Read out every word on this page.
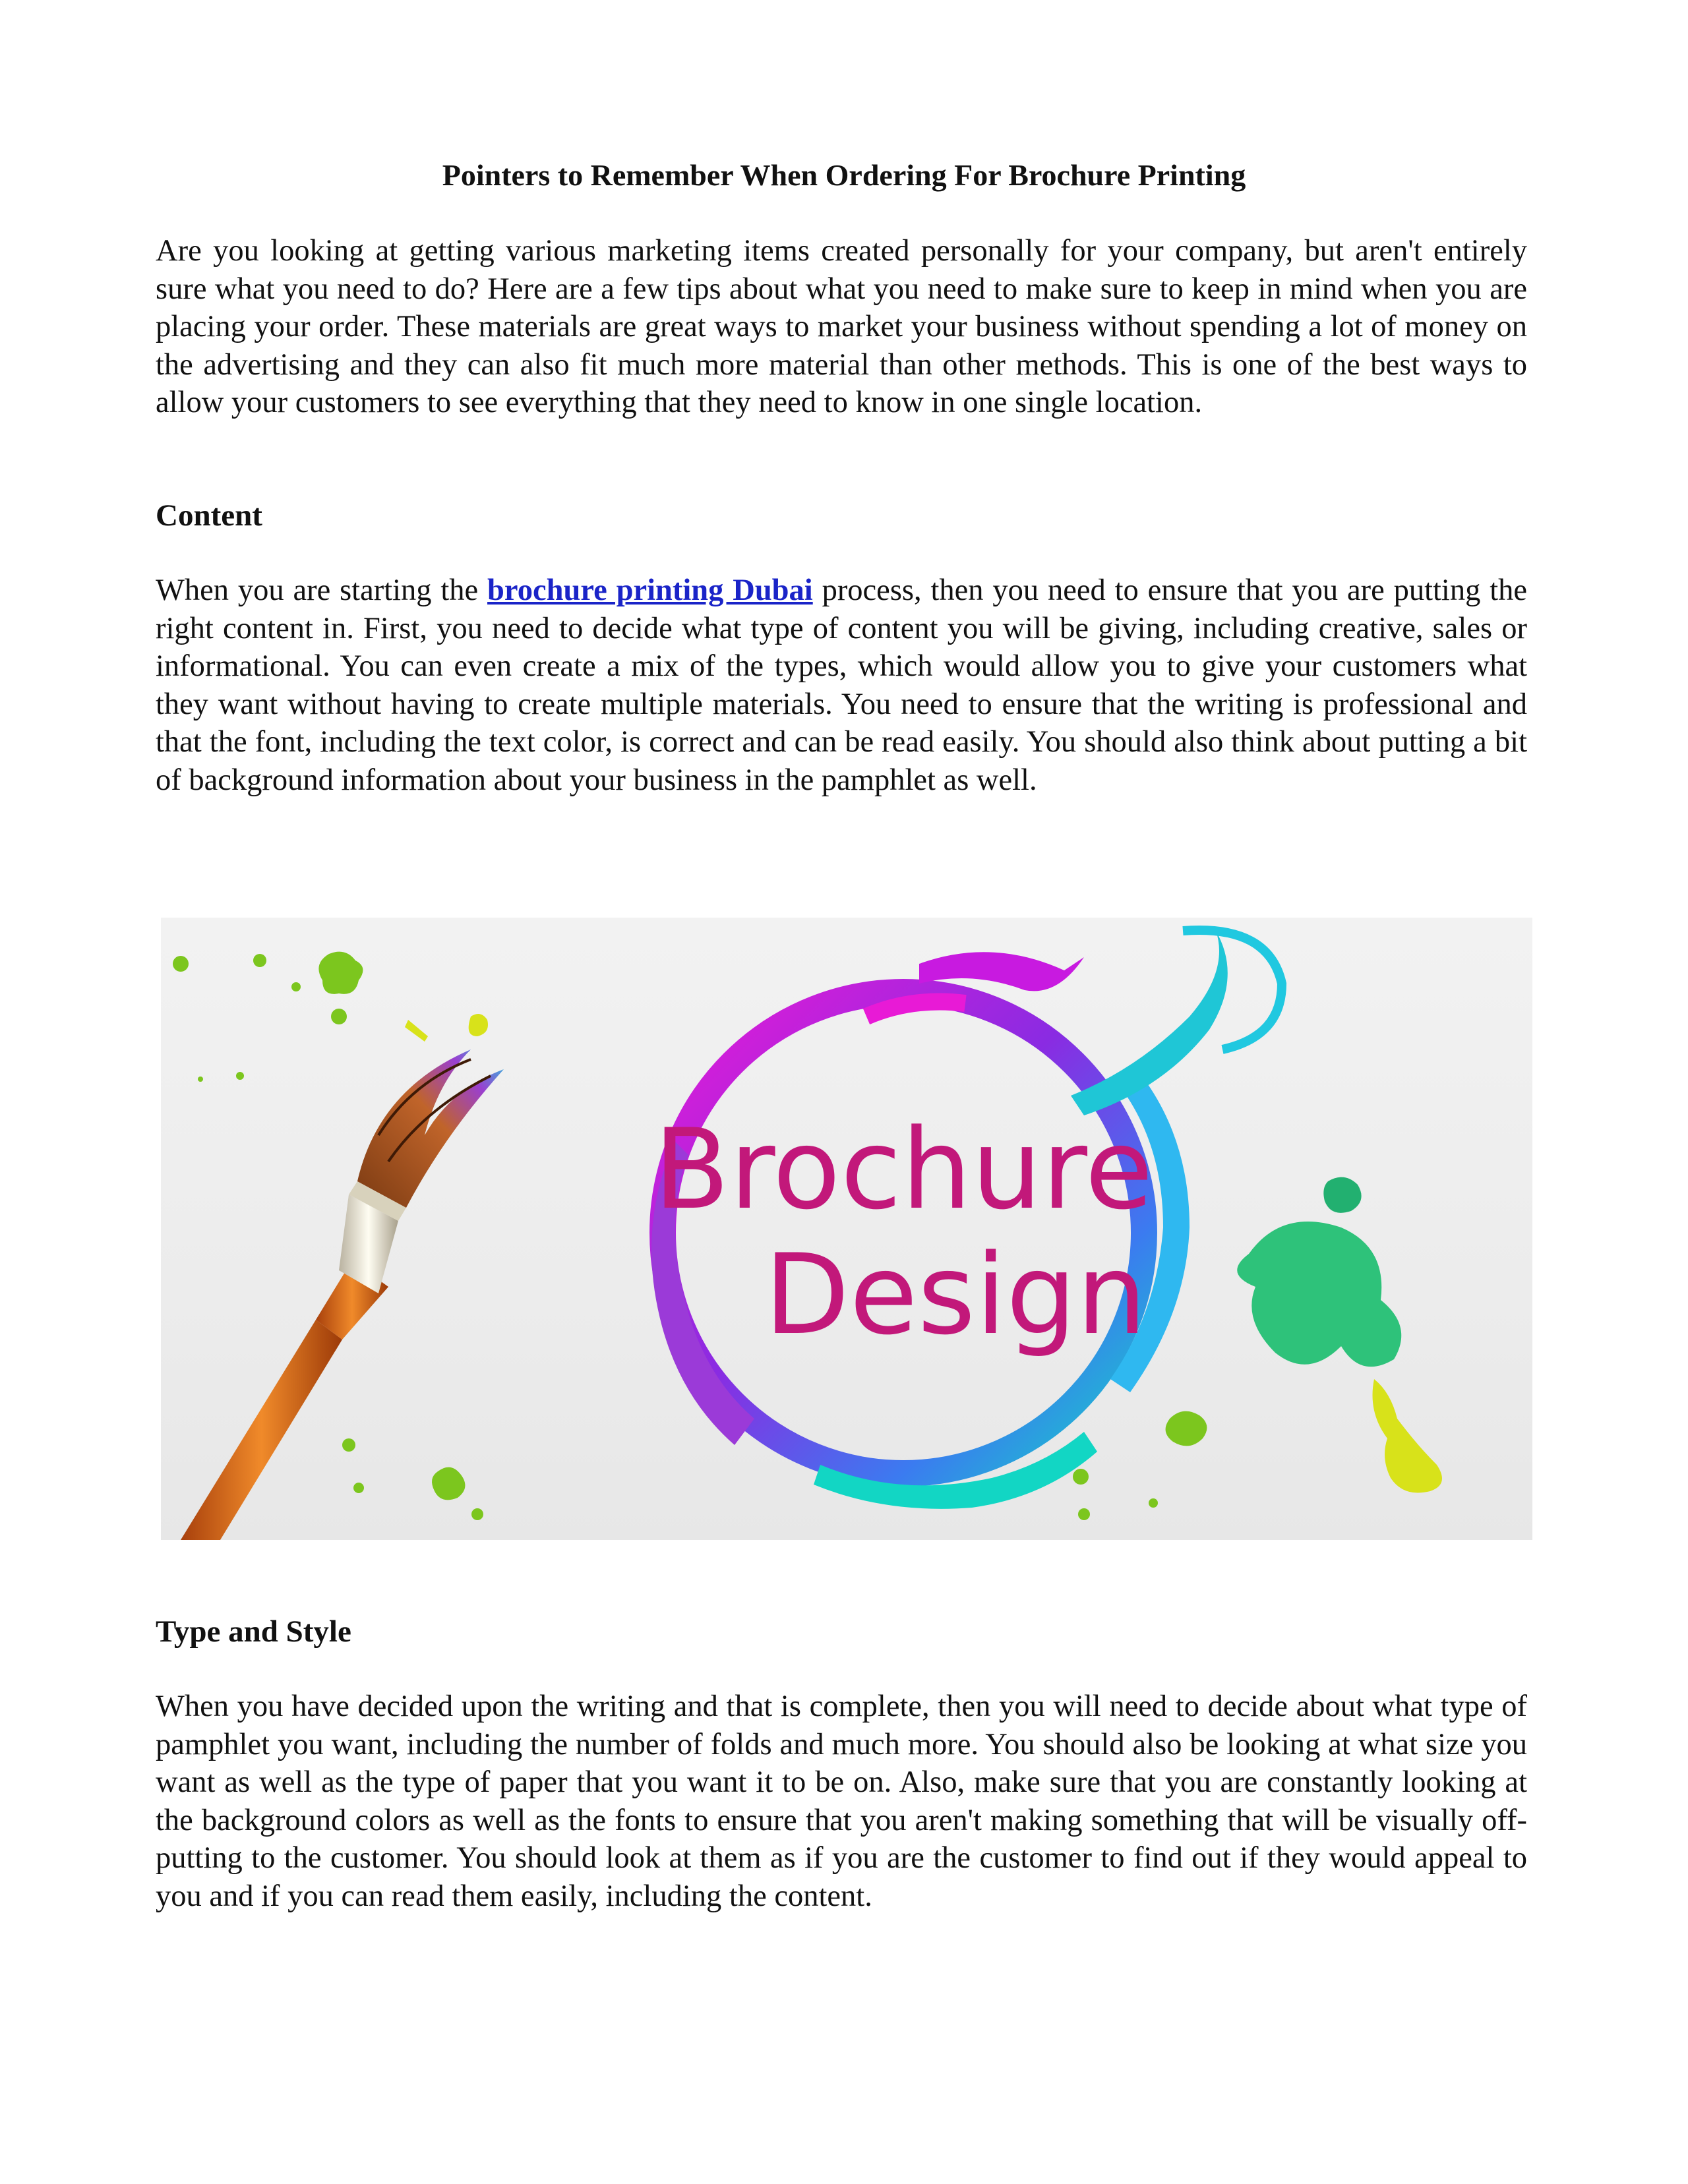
Pointers to Remember When Ordering For Brochure Printing

Are you looking at getting various marketing items created personally for your company, but aren't entirely sure what you need to do? Here are a few tips about what you need to make sure to keep in mind when you are placing your order. These materials are great ways to market your business without spending a lot of money on the advertising and they can also fit much more material than other methods. This is one of the best ways to allow your customers to see everything that they need to know in one single location.

Content

When you are starting the brochure printing Dubai process, then you need to ensure that you are putting the right content in. First, you need to decide what type of content you will be giving, including creative, sales or informational. You can even create a mix of the types, which would allow you to give your customers what they want without having to create multiple materials. You need to ensure that the writing is professional and that the font, including the text color, is correct and can be read easily. You should also think about putting a bit of background information about your business in the pamphlet as well.

Brochure
Design
Type and Style

When you have decided upon the writing and that is complete, then you will need to decide about what type of pamphlet you want, including the number of folds and much more. You should also be looking at what size you want as well as the type of paper that you want it to be on. Also, make sure that you are constantly looking at the background colors as well as the fonts to ensure that you aren't making something that will be visually off-putting to the customer. You should look at them as if you are the customer to find out if they would appeal to you and if you can read them easily, including the content.
